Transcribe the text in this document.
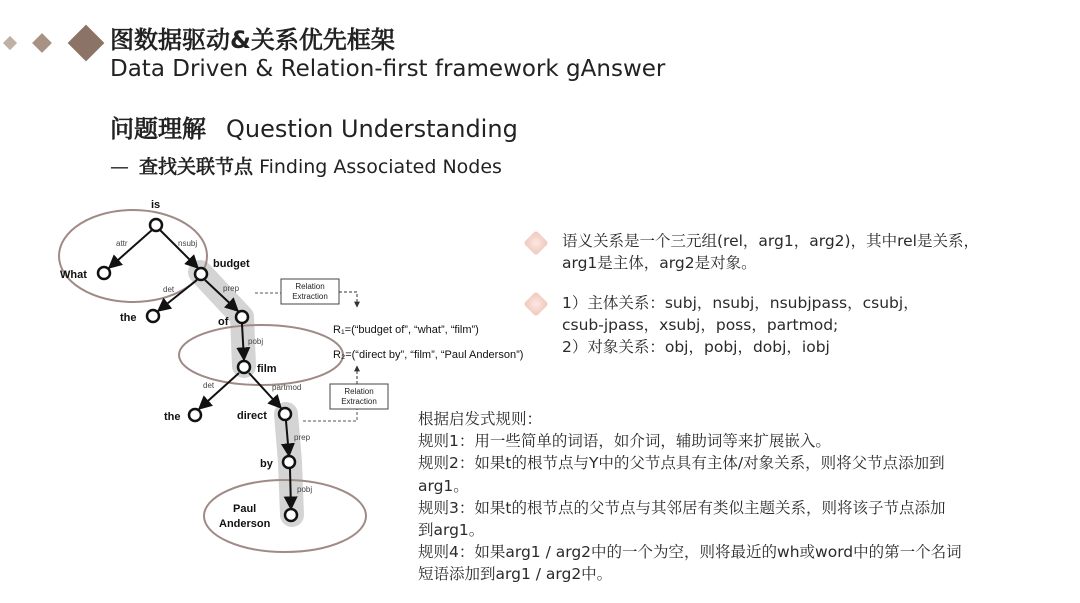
图数据驱动&关系优先框架
Data Driven & Relation-first framework gAnswer
问题理解 Question Understanding
— 查找关联节点 Finding Associated Nodes
is
What
budget
the	of
film
the	direct
by
Paul
Anderson
attr	nsubj
det	prep
pobj
det	partmod
prep
pobj
Relation
Extraction
R₁=(“budget of”, “what”, “film”)
R₂=(“direct by”, “film”, “Paul Anderson”)
Relation
Extraction
语义关系是一个三元组(rel，arg1，arg2)，其中rel是关系，
arg1是主体，arg2是对象。
1）主体关系：subj，nsubj，nsubjpass，csubj，
csub-jpass，xsubj，poss，partmod;
2）对象关系：obj，pobj，dobj，iobj
根据启发式规则：
规则1：用一些简单的词语，如介词，辅助词等来扩展嵌入。
规则2：如果t的根节点与Y中的父节点具有主体/对象关系，则将父节点添加到
arg1。
规则3：如果t的根节点的父节点与其邻居有类似主题关系，则将该子节点添加
到arg1。
规则4：如果arg1 / arg2中的一个为空，则将最近的wh或word中的第一个名词
短语添加到arg1 / arg2中。
